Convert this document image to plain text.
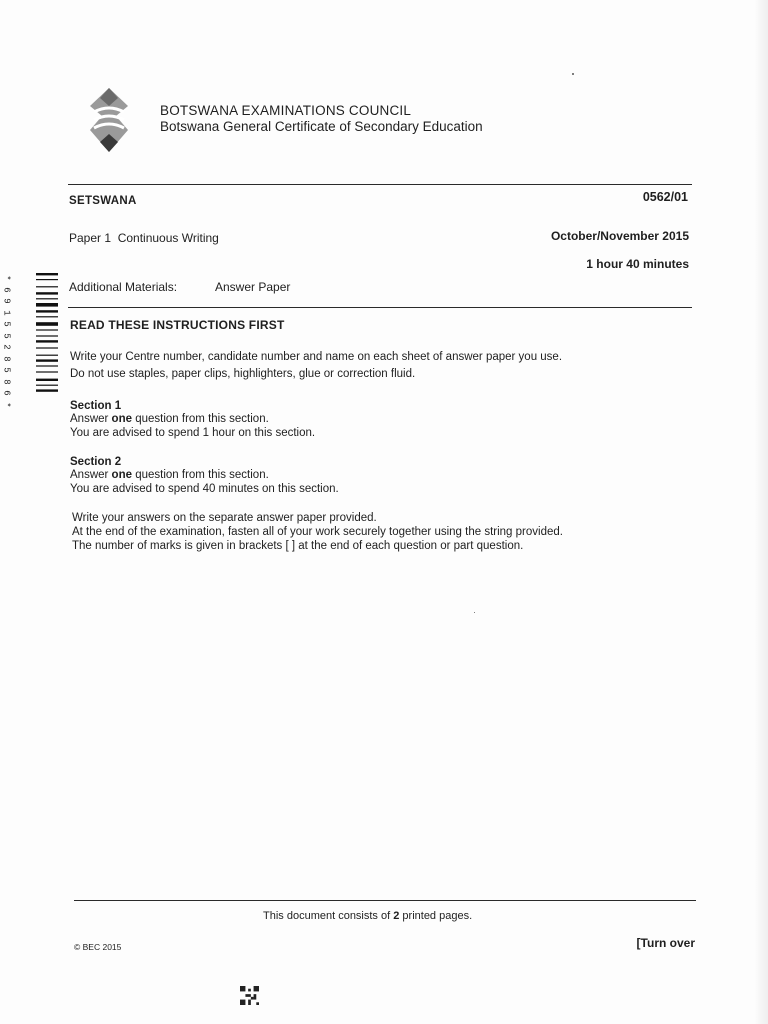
BOTSWANA EXAMINATIONS COUNCIL
Botswana General Certificate of Secondary Education
SETSWANA	0562/01
Paper 1  Continuous Writing	October/November 2015
1 hour 40 minutes
Additional Materials:	Answer Paper
*
6
9
1
5
5
2
8
5
8
6
*
READ THESE INSTRUCTIONS FIRST
Write your Centre number, candidate number and name on each sheet of answer paper you use.
Do not use staples, paper clips, highlighters, glue or correction fluid.
Section 1
Answer one question from this section.
You are advised to spend 1 hour on this section.
Section 2
Answer one question from this section.
You are advised to spend 40 minutes on this section.
Write your answers on the separate answer paper provided.
At the end of the examination, fasten all of your work securely together using the string provided.
The number of marks is given in brackets [ ] at the end of each question or part question.
This document consists of 2 printed pages.
© BEC 2015	[Turn over
